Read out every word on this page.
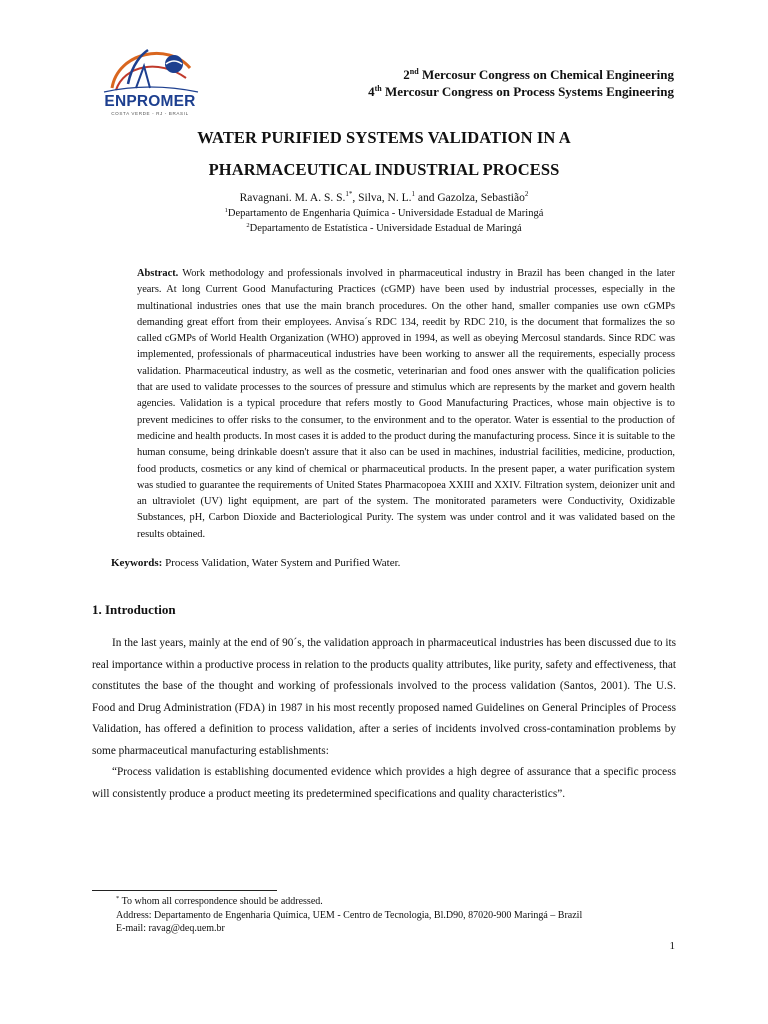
ENPROMER
COSTA VERDE - RJ - BRASIL
2nd Mercosur Congress on Chemical Engineering
4th Mercosur Congress on Process Systems Engineering
WATER PURIFIED SYSTEMS VALIDATION IN A
PHARMACEUTICAL INDUSTRIAL PROCESS
Ravagnani. M. A. S. S.$^{1*}$, Silva, N. L.$^1$ and Gazolza, Sebastião$^2$
$^1$Departamento de Engenharia Química - Universidade Estadual de Maringá
$^2$Departamento de Estatística - Universidade Estadual de Maringá
Abstract. Work methodology and professionals involved in pharmaceutical industry in Brazil has been changed in the later years. At long Current Good Manufacturing Practices (cGMP) have been used by industrial processes, especially in the multinational industries ones that use the main branch procedures. On the other hand, smaller companies use own cGMPs demanding great effort from their employees. Anvisa´s RDC 134, reedit by RDC 210, is the document that formalizes the so called cGMPs of World Health Organization (WHO) approved in 1994, as well as obeying Mercosul standards. Since RDC was implemented, professionals of pharmaceutical industries have been working to answer all the requirements, especially process validation. Pharmaceutical industry, as well as the cosmetic, veterinarian and food ones answer with the qualification policies that are used to validate processes to the sources of pressure and stimulus which are represents by the market and govern health agencies. Validation is a typical procedure that refers mostly to Good Manufacturing Practices, whose main objective is to prevent medicines to offer risks to the consumer, to the environment and to the operator. Water is essential to the production of medicine and health products. In most cases it is added to the product during the manufacturing process. Since it is suitable to the human consume, being drinkable doesn't assure that it also can be used in machines, industrial facilities, medicine, production, food products, cosmetics or any kind of chemical or pharmaceutical products. In the present paper, a water purification system was studied to guarantee the requirements of United States Pharmacopoea XXIII and XXIV. Filtration system, deionizer unit and an ultraviolet (UV) light equipment, are part of the system. The monitorated parameters were Conductivity, Oxidizable Substances, pH, Carbon Dioxide and Bacteriological Purity. The system was under control and it was validated based on the results obtained.
Keywords: Process Validation, Water System and Purified Water.
1. Introduction

In the last years, mainly at the end of 90´s, the validation approach in pharmaceutical industries has been discussed due to its real importance within a productive process in relation to the products quality attributes, like purity, safety and effectiveness, that constitutes the base of the thought and working of professionals involved to the process validation (Santos, 2001). The U.S. Food and Drug Administration (FDA) in 1987 in his most recently proposed named Guidelines on General Principles of Process Validation, has offered a definition to process validation, after a series of incidents involved cross-contamination problems by some pharmaceutical manufacturing establishments:

“Process validation is establishing documented evidence which provides a high degree of assurance that a specific process will consistently produce a product meeting its predetermined specifications and quality characteristics”.

* To whom all correspondence should be addressed.
Address: Departamento de Engenharia Química, UEM - Centro de Tecnologia, Bl.D90, 87020-900 Maringá – Brazil
E-mail: ravag@deq.uem.br
1
